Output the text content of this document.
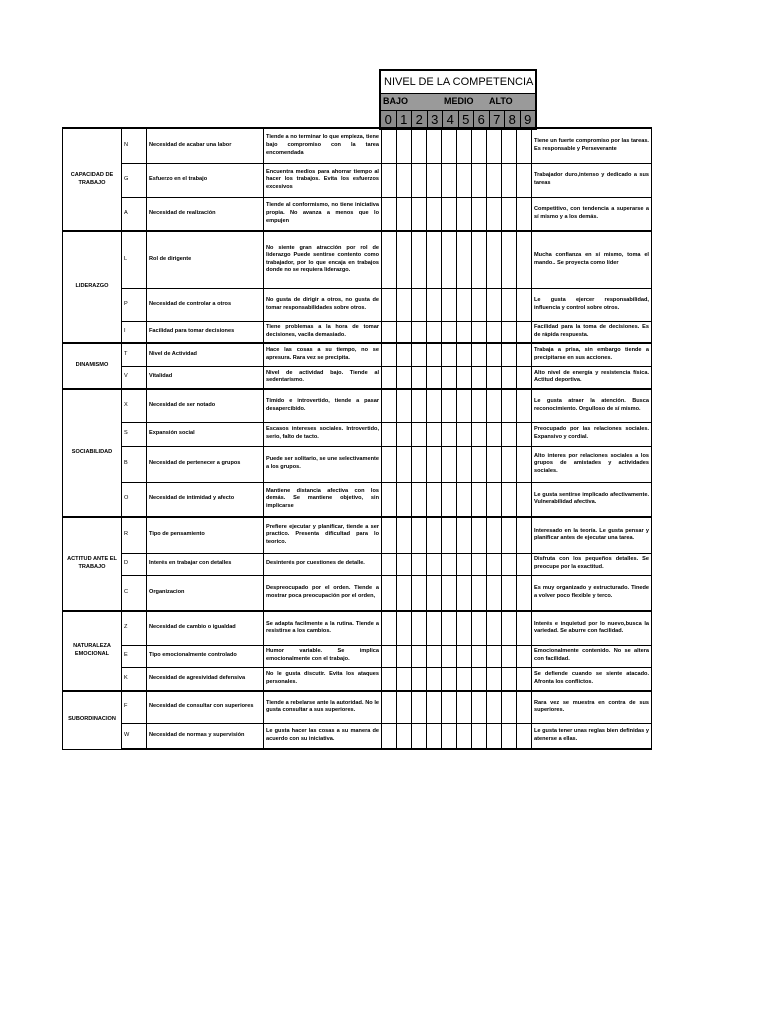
NIVEL DE LA COMPETENCIA
BAJO	MEDIO ALTO
0 1 2 3 4 5 6 7 8 9
CAPACIDAD DE TRABAJO	N	Necesidad de acabar una labor	Tiende a no terminar lo que empieza, tiene bajo compromiso con la tarea encomendada											Tiene un fuerte compromiso por las tareas. Es responsable y Perseverante
	G	Esfuerzo en el trabajo	Encuentra medios para ahorrar tiempo al hacer los trabajos. Evita los esfuerzos excesivos											Trabajador duro,intenso y dedicado a sus tareas
	A	Necesidad de realización	Tiende al conformismo, no tiene iniciativa propia. No avanza a menos que lo empujen											Competitivo, con tendencia a superarse a sí mismo y a los demás.
LIDERAZGO	L	Rol de dirigente	No siente gran atracción por rol de liderazgo Puede sentirse contento como trabajador, por lo que encaja en trabajos donde no se requiera liderazgo.											Mucha confianza en sí mismo, toma el mando.. Se proyecta como líder
	P	Necesidad de controlar a otros	No gusta de dirigir a otros, no gusta de tomar responsabilidades sobre otros.											Le gusta ejercer responsabilidad, influencia y control sobre otros.
	I	Facilidad para tomar decisiones	Tiene problemas a la hora de tomar decisiones, vacila demasiado.											Facilidad para la toma de decisiones. Es de rápida respuesta.
DINAMISMO	T	Nivel de Actividad	Hace las cosas a su tiempo, no se apresura. Rara vez se precipita.											Trabaja a prisa, sin embargo tiende a precipitarse en sus acciones.
	V	Vitalidad	Nivel de actividad bajo. Tiende al sedentarismo.											Alto nivel de energía y resistencia física. Actitud deportiva.
SOCIABILIDAD	X	Necesidad de ser notado	Tímido e introvertido, tiende a pasar desapercibido.											Le gusta atraer la atención. Busca reconocimiento. Orgulloso de sí mismo.
	S	Expansión social	Escasos intereses sociales. Introvertido, serio, falto de tacto.											Preocupado por las relaciones sociales. Expansivo y cordial.
	B	Necesidad de pertenecer a grupos	Puede ser solitario, se une selectivamente a los grupos.											Alto interes por relaciones sociales a los grupos de amistades y actividades sociales.
	O	Necesidad de intimidad y afecto	Mantiene distancia afectiva con los demás. Se mantiene objetivo, sin implicarse											Le gusta sentirse implicado afectivamente. Vulnerabilidad afectiva.
ACTITUD ANTE EL TRABAJO	R	Tipo de pensamiento	Prefiere ejecutar y planificar, tiende a ser practico. Presenta dificultad para lo teorico.											Interesado en la teoría. Le gusta pensar y planificar antes de ejecutar una tarea.
	D	Interés en trabajar con detalles	Desinterés por cuestiones de detalle.											Disfruta con los pequeños detalles. Se preocupe por la exactitud.
	C	Organizacion	Despreocupado por el orden. Tiende a mostrar poca preocupación por el orden,											Es muy organizado y estructurado. Tinede a volver poco flexible y terco.
NATURALEZA EMOCIONAL	Z	Necesidad de cambio o igualdad	Se adapta facilmente a la rutina. Tiende a resistirse a los cambios.											Interés e inquietud por lo nuevo,busca la variedad. Se aburre con facilidad.
	E	Tipo emocionalmente controlado	Humor variable. Se implica emocionalmente con el trabajo.											Emocionalmente contenido. No se altera con facilidad.
	K	Necesidad de agresividad defensiva	No le gusta discutir. Evita los ataques personales.											Se defiende cuando se siente atacado. Afronta los conflictos.
SUBORDINACION	F	Necesidad de consultar con superiores	Tiende a rebelarse ante la autoridad. No le gusta consultar a sus superiores.											Rara vez se muestra en contra de sus superiores.
	W	Necesidad de normas y supervisión	Le gusta hacer las cosas a su manera de acuerdo con su iniciativa.											Le gusta tener unas reglas bien definidas y atenerse a ellas.
